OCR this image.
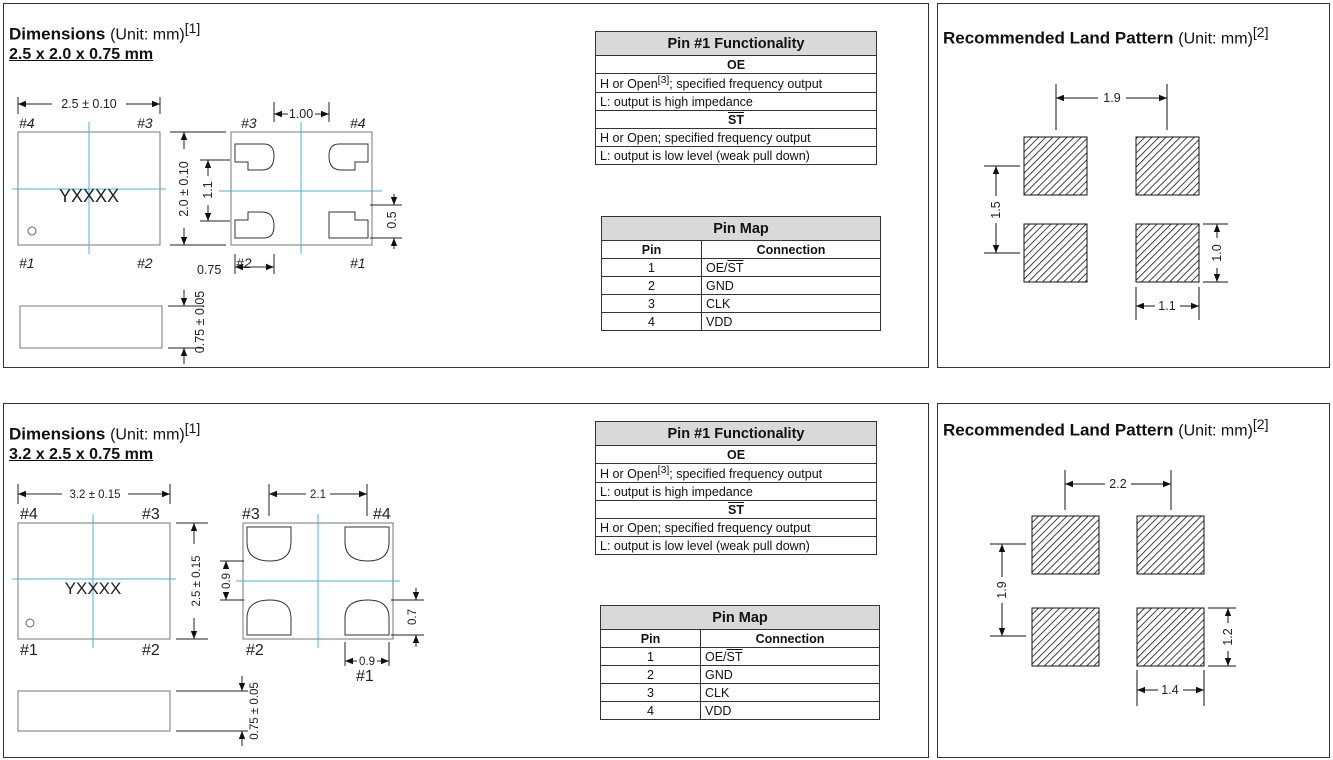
Dimensions (Unit: mm)[1]
2.5 x 2.0 x 0.75 mm
YXXXX
#4	#3
#1	#2
2.5 ± 0.10
#3	#4
#2	#1
1.00
2.0 ± 0.10 1.1
0.5
0.75
0.75 ± 0.05
Pin #1 Functionality
OE
H or Open[3]; specified frequency output
L: output is high impedance
$\overline{ST}$
H or Open; specified frequency output
L: output is low level (weak pull down)
Pin Map	
Pin	Connection
1	$OE/\overline{ST}$
2	GND
3	CLK
4	VDD
Recommended Land Pattern (Unit: mm)[2]
1.9
1.5
1.0
1.1
Dimensions (Unit: mm)[1]
3.2 x 2.5 x 0.75 mm
YXXXX
#4	#3
#1	#2
3.2 ± 0.15
2.5 ± 0.15
#3	#4
#2
#1
2.1
0.9
0.7
0.9
0.75 ± 0.05
Pin #1 Functionality
OE
H or Open[3]; specified frequency output
L: output is high impedance
$\overline{ST}$
H or Open; specified frequency output
L: output is low level (weak pull down)
Pin Map	
Pin	Connection
1	$OE/\overline{ST}$
2	GND
3	CLK
4	VDD
Recommended Land Pattern (Unit: mm)[2]
2.2
1.9
1.2
1.4
